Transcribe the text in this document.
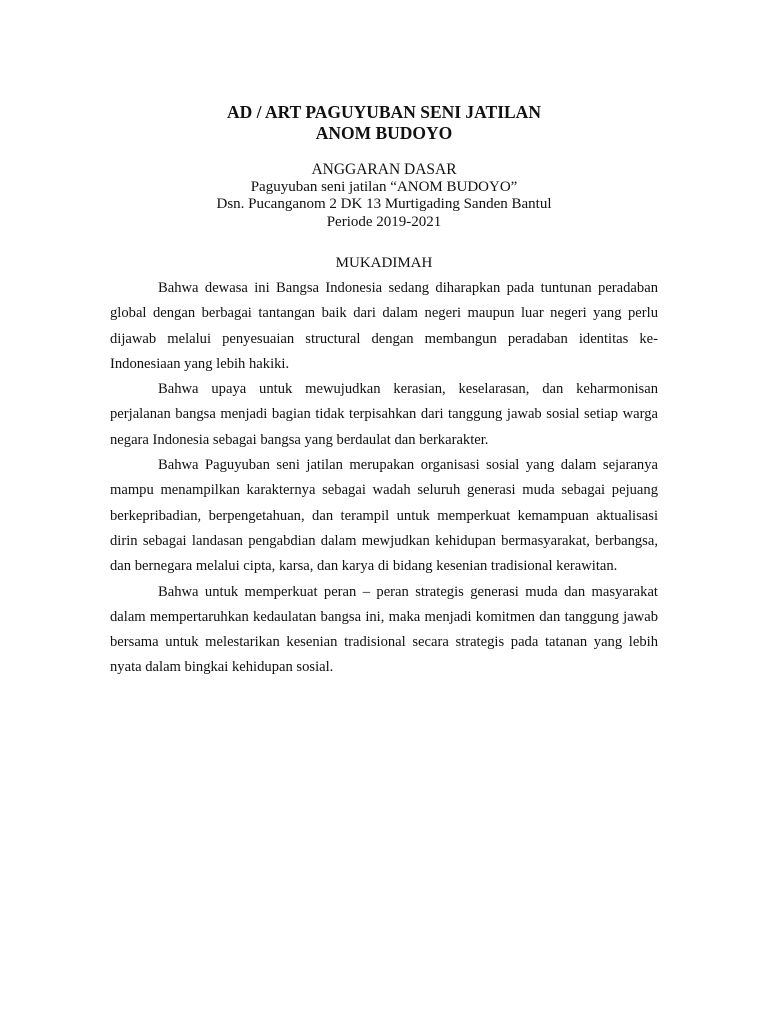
AD / ART PAGUYUBAN SENI JATILAN
ANOM BUDOYO
ANGGARAN DASAR
Paguyuban seni jatilan “ANOM BUDOYO”
Dsn. Pucanganom 2 DK 13 Murtigading Sanden Bantul
Periode 2019-2021
MUKADIMAH

Bahwa dewasa ini Bangsa Indonesia sedang diharapkan pada tuntunan peradaban global dengan berbagai tantangan baik dari dalam negeri maupun luar negeri yang perlu dijawab melalui penyesuaian structural dengan membangun peradaban identitas ke-Indonesiaan yang lebih hakiki.

Bahwa upaya untuk mewujudkan kerasian, keselarasan, dan keharmonisan perjalanan bangsa menjadi bagian tidak terpisahkan dari tanggung jawab sosial setiap warga negara Indonesia sebagai bangsa yang berdaulat dan berkarakter.

Bahwa Paguyuban seni jatilan merupakan organisasi sosial yang dalam sejaranya mampu menampilkan karakternya sebagai wadah seluruh generasi muda sebagai pejuang berkepribadian, berpengetahuan, dan terampil untuk memperkuat kemampuan aktualisasi dirin sebagai landasan pengabdian dalam mewjudkan kehidupan bermasyarakat, berbangsa, dan bernegara melalui cipta, karsa, dan karya di bidang kesenian tradisional kerawitan.

Bahwa untuk memperkuat peran – peran strategis generasi muda dan masyarakat dalam mempertaruhkan kedaulatan bangsa ini, maka menjadi komitmen dan tanggung jawab bersama untuk melestarikan kesenian tradisional secara strategis pada tatanan yang lebih nyata dalam bingkai kehidupan sosial.
